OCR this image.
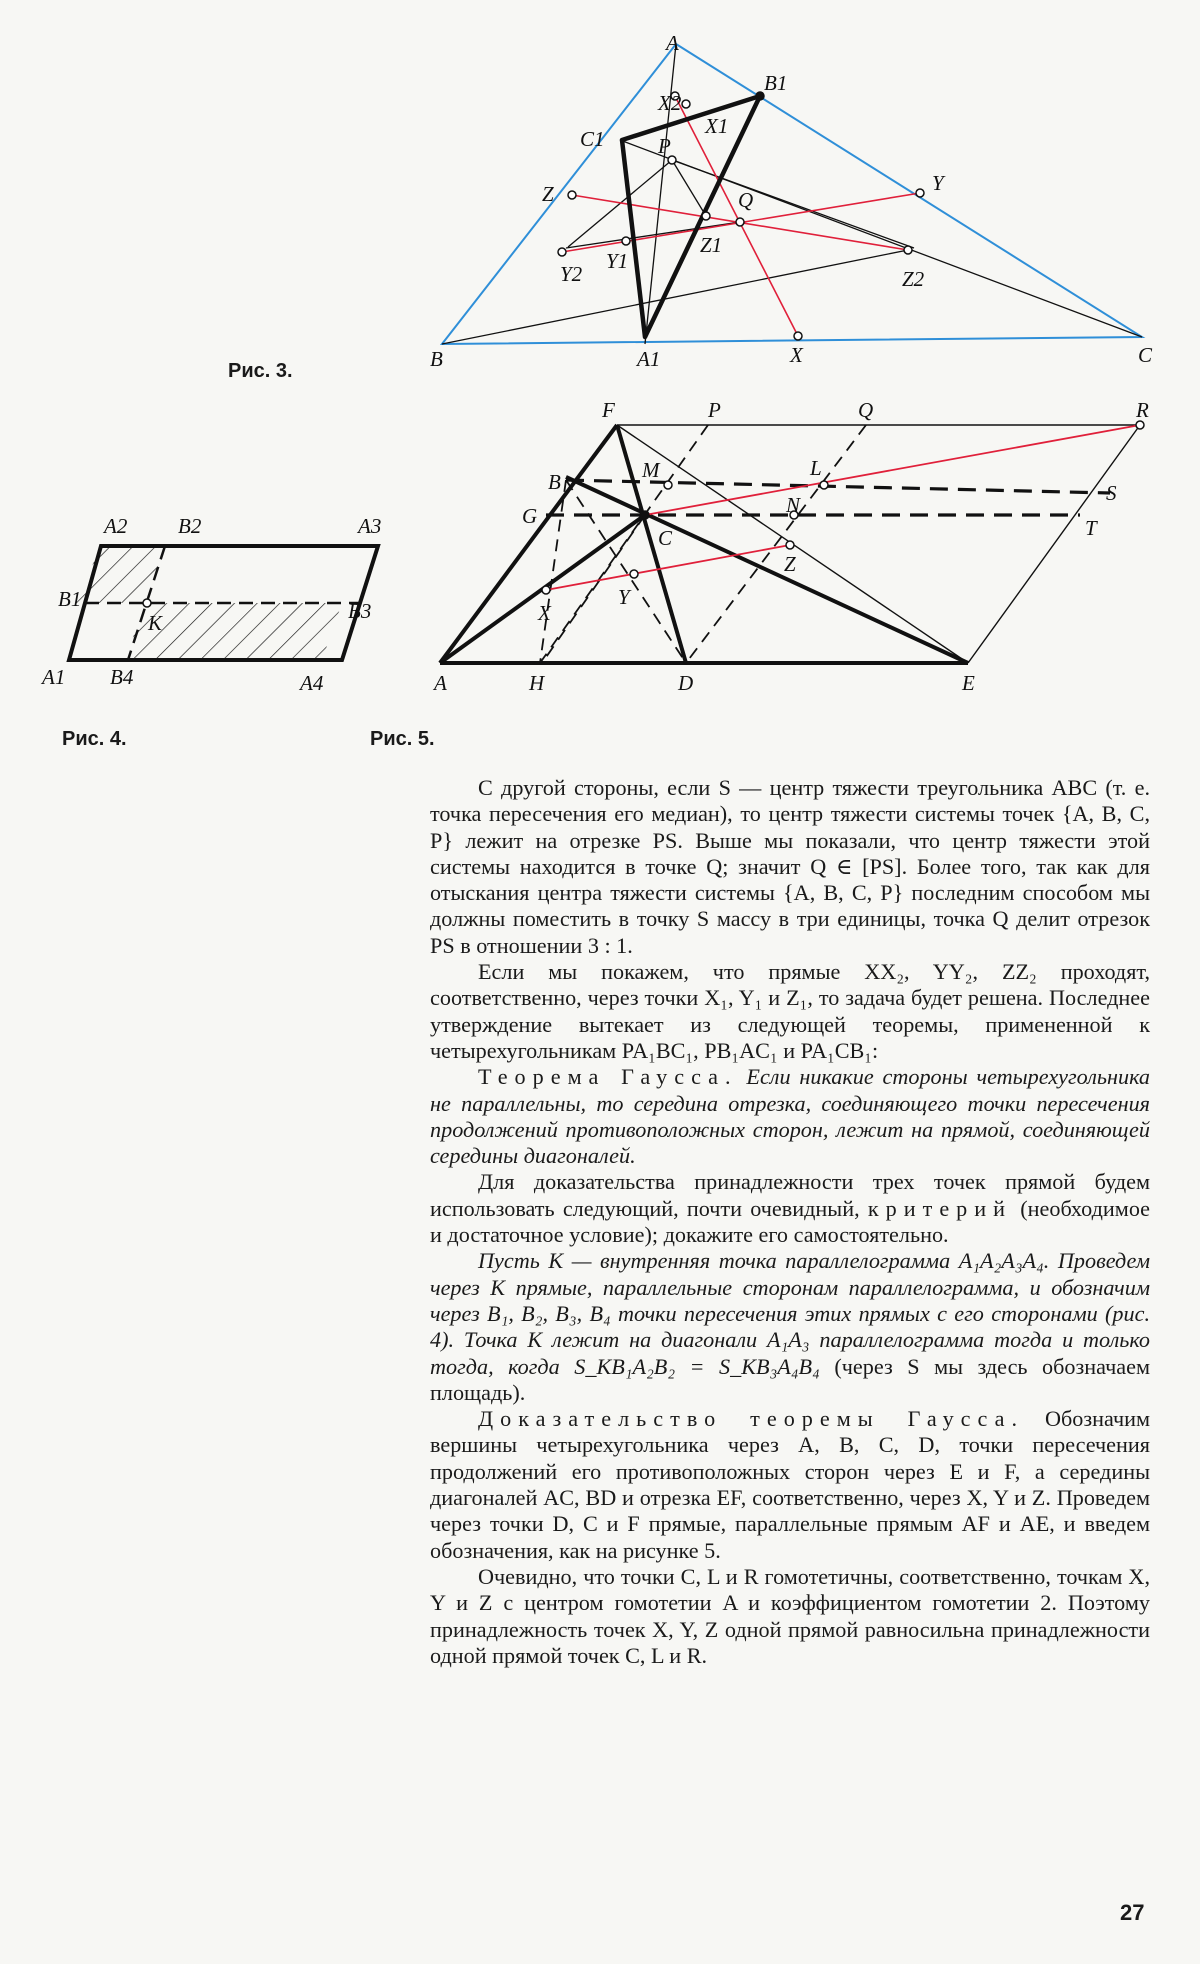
A
B1
C1
X2
X1
P
Z	Y
Q
Z1
Y1
Y2	Z2
B	A1	X	C
A2 B2	A3
B1
K	B3
A1 B4	A4
F	P	Q	R
B	M	L
S
G	N
T
C
Z
X
Y
A	H	D	E
Рис. 3.
Рис. 4.	Рис. 5.

С другой стороны, если S — центр тяжести треугольника ABC (т. е. точка пересечения его медиан), то центр тяжести системы точек {A, B, C, P} лежит на отрезке PS. Выше мы показали, что центр тяжести этой системы находится в точке Q; значит Q ∈ [PS]. Более того, так как для отыскания центра тяжести системы {A, B, C, P} последним способом мы должны поместить в точку S массу в три единицы, точка Q делит отрезок PS в отношении 3 : 1.

Если мы покажем, что прямые XX₂, YY₂, ZZ₂ проходят, соответственно, через точки X₁, Y₁ и Z₁, то задача будет решена. Последнее утверждение вытекает из следующей теоремы, примененной к четырехугольникам PA₁BC₁, PB₁AC₁ и PA₁CB₁:

Теорема Гаусса. Если никакие стороны четырехугольника не параллельны, то середина отрезка, соединяющего точки пересечения продолжений противоположных сторон, лежит на прямой, соединяющей середины диагоналей.

Для доказательства принадлежности трех точек прямой будем использовать следующий, почти очевидный, критерий (необходимое и достаточное условие); докажите его самостоятельно.

Пусть K — внутренняя точка параллелограмма A₁A₂A₃A₄. Проведем через K прямые, параллельные сторонам параллелограмма, и обозначим через B₁, B₂, B₃, B₄ точки пересечения этих прямых с его сторонами (рис. 4). Точка K лежит на диагонали A₁A₃ параллелограмма тогда и только тогда, когда S_KB₁A₂B₂ = S_KB₃A₄B₄ (через S мы здесь обозначаем площадь).

Доказательство теоремы Гаусса. Обозначим вершины четырехугольника через A, B, C, D, точки пересечения продолжений его противоположных сторон через E и F, а середины диагоналей AC, BD и отрезка EF, соответственно, через X, Y и Z. Проведем через точки D, C и F прямые, параллельные прямым AF и AE, и введем обозначения, как на рисунке 5.

Очевидно, что точки C, L и R гомотетичны, соответственно, точкам X, Y и Z с центром гомотетии A и коэффициентом гомотетии 2. Поэтому принадлежность точек X, Y, Z одной прямой равносильна принадлежности одной прямой точек C, L и R.

27
